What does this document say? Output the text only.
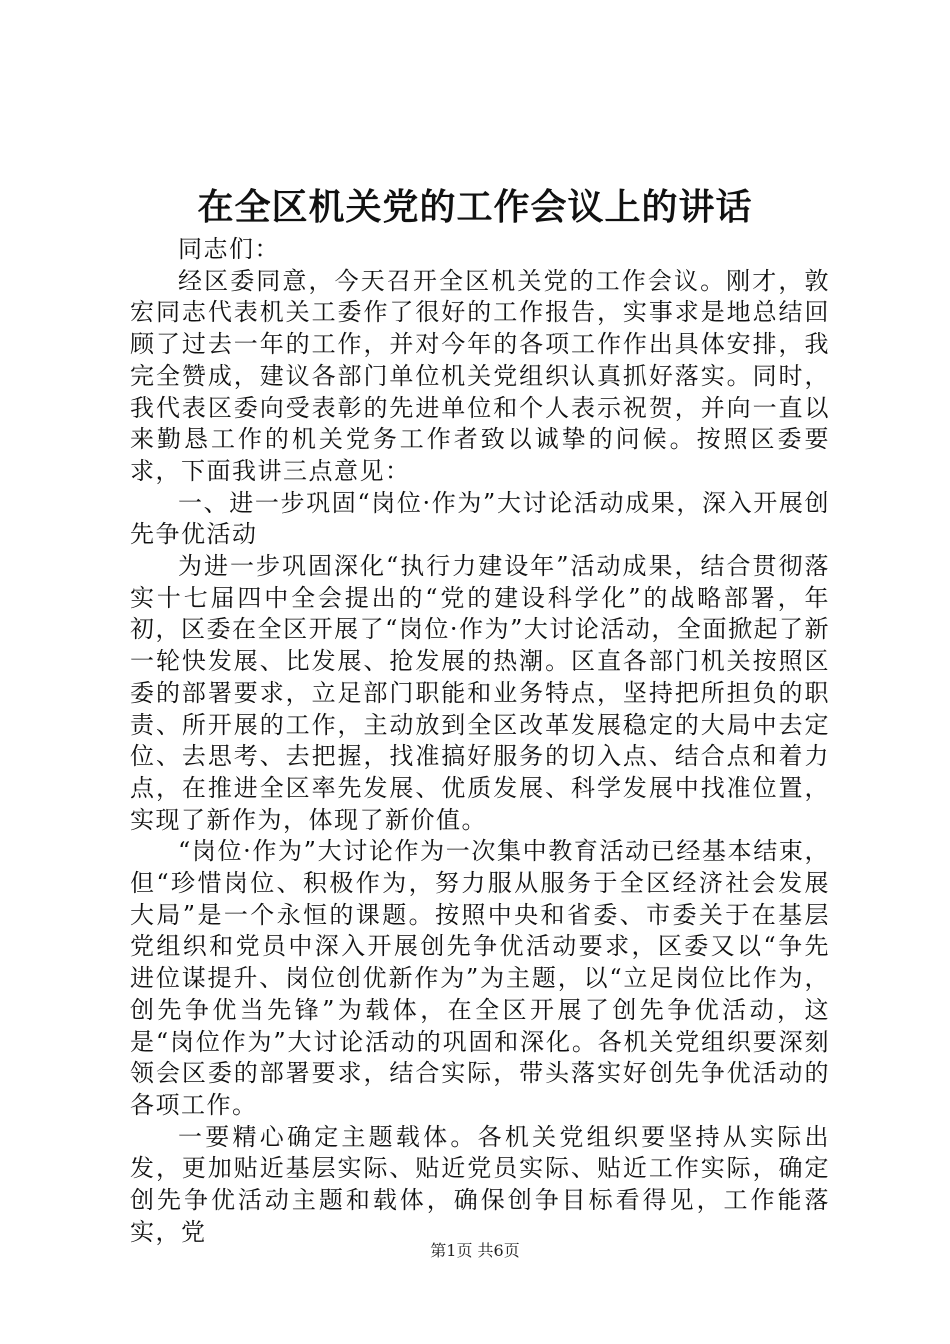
在全区机关党的工作会议上的讲话

同志们：

经区委同意，今天召开全区机关党的工作会议。刚才，敦宏同志代表机关工委作了很好的工作报告，实事求是地总结回顾了过去一年的工作，并对今年的各项工作作出具体安排，我完全赞成，建议各部门单位机关党组织认真抓好落实。同时，我代表区委向受表彰的先进单位和个人表示祝贺，并向一直以来勤恳工作的机关党务工作者致以诚挚的问候。按照区委要求，下面我讲三点意见：

一、进一步巩固“岗位·作为”大讨论活动成果，深入开展创先争优活动

为进一步巩固深化“执行力建设年”活动成果，结合贯彻落实十七届四中全会提出的“党的建设科学化”的战略部署，年初，区委在全区开展了“岗位·作为”大讨论活动，全面掀起了新一轮快发展、比发展、抢发展的热潮。区直各部门机关按照区委的部署要求，立足部门职能和业务特点，坚持把所担负的职责、所开展的工作，主动放到全区改革发展稳定的大局中去定位、去思考、去把握，找准搞好服务的切入点、结合点和着力点，在推进全区率先发展、优质发展、科学发展中找准位置，实现了新作为，体现了新价值。

“岗位·作为”大讨论作为一次集中教育活动已经基本结束，但“珍惜岗位、积极作为，努力服从服务于全区经济社会发展大局”是一个永恒的课题。按照中央和省委、市委关于在基层党组织和党员中深入开展创先争优活动要求，区委又以“争先进位谋提升、岗位创优新作为”为主题，以“立足岗位比作为，创先争优当先锋”为载体，在全区开展了创先争优活动，这是“岗位作为”大讨论活动的巩固和深化。各机关党组织要深刻领会区委的部署要求，结合实际，带头落实好创先争优活动的各项工作。

一要精心确定主题载体。各机关党组织要坚持从实际出发，更加贴近基层实际、贴近党员实际、贴近工作实际，确定创先争优活动主题和载体，确保创争目标看得见，工作能落实，党

第1页 共6页
